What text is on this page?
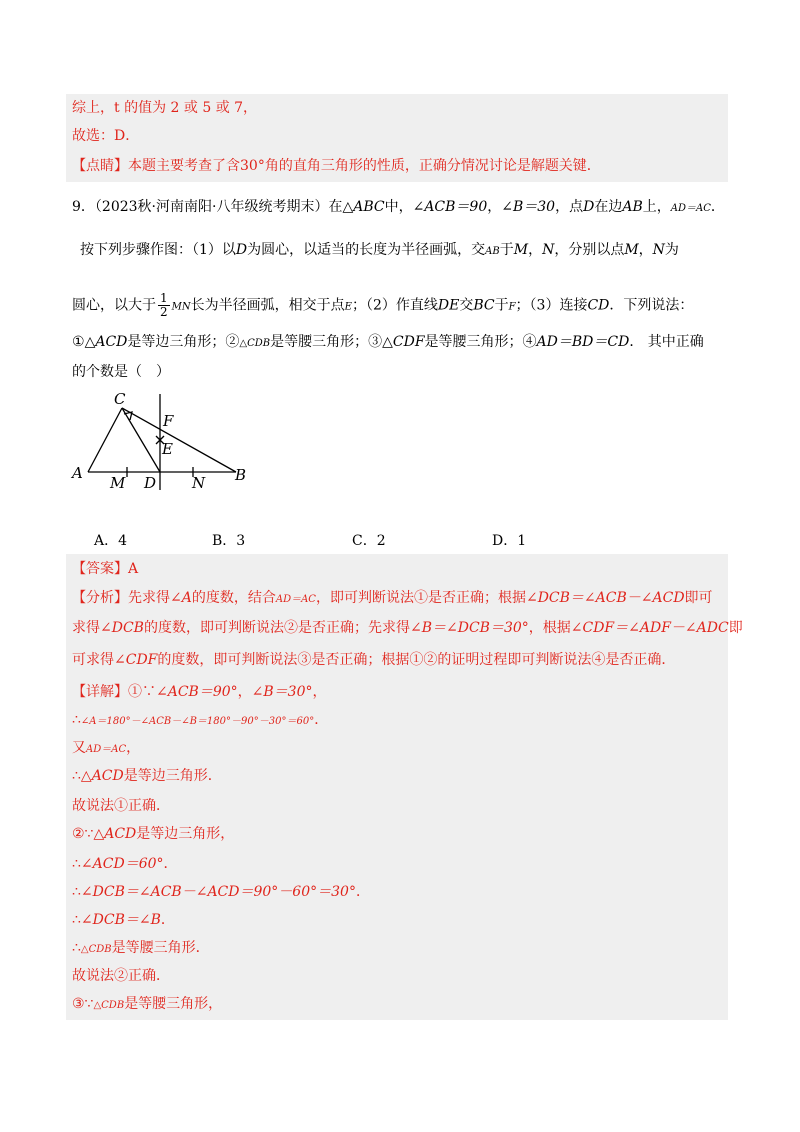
综上，t 的值为 2 或 5 或 7，
故选：D．
【点睛】本题主要考查了含30°角的直角三角形的性质，正确分情况讨论是解题关键．
9．（2023秋·河南南阳·八年级统考期末）在△ABC中，∠ACB＝90，∠B＝30，点D在边AB上，AD＝AC．
按下列步骤作图：（1）以D为圆心，以适当的长度为半径画弧，交AB于M，N，分别以点M，N为
圆心，以大于 $\frac{1}{2}$ MN长为半径画弧，相交于点E；（2）作直线DE交BC于F；（3）连接CD．下列说法：
①△ACD是等边三角形；②△CDB是等腰三角形；③△CDF是等腰三角形；④AD＝BD＝CD． 其中正确
的个数是（　）
C
F
E
A
M D N B
A．4	B．3	C．2	D．1
【答案】A
【分析】先求得∠A的度数，结合AD＝AC，即可判断说法①是否正确；根据∠DCB＝∠ACB－∠ACD即可
求得∠DCB的度数，即可判断说法②是否正确；先求得∠B＝∠DCB＝30°，根据∠CDF＝∠ADF－∠ADC即
可求得∠CDF的度数，即可判断说法③是否正确；根据①②的证明过程即可判断说法④是否正确．
【详解】①∵∠ACB＝90°，∠B＝30°，
∴∠A＝180°－∠ACB－∠B＝180°－90°－30°＝60°．
又AD＝AC，
∴△ACD是等边三角形．
故说法①正确．
②∵△ACD是等边三角形，
∴∠ACD＝60°．
∴∠DCB＝∠ACB－∠ACD＝90°－60°＝30°．
∴∠DCB＝∠B．
∴△CDB是等腰三角形．
故说法②正确．
③∵△CDB是等腰三角形，
